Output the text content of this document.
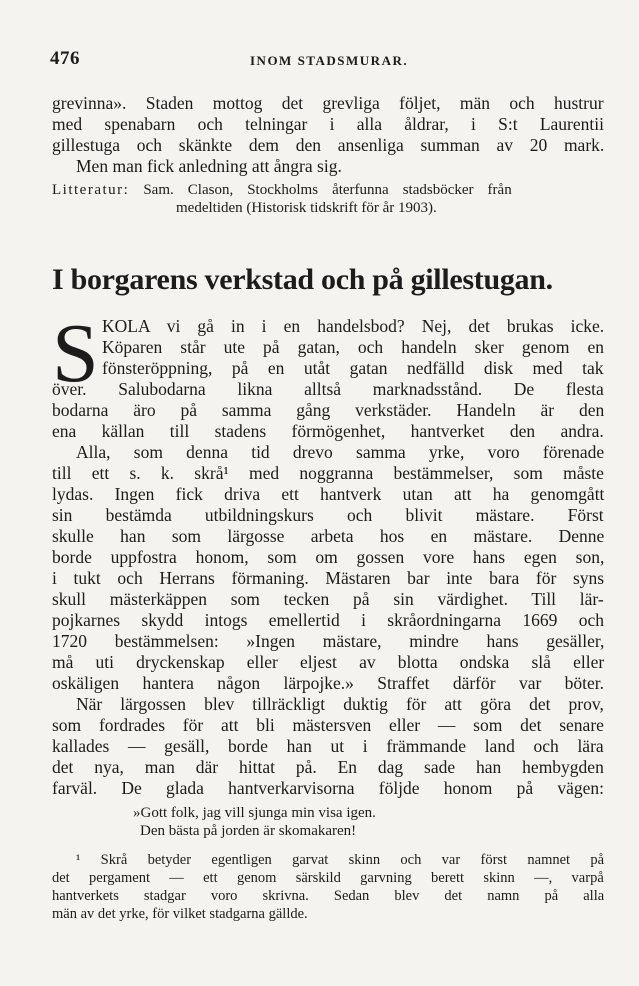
476	INOM STADSMURAR.
grevinna». Staden mottog det grevliga följet, män och hustrur
med spenabarn och telningar i alla åldrar, i S:t Laurentii
gillestuga och skänkte dem den ansenliga summan av 20 mark.
Men man fick anledning att ångra sig.
Litteratur: Sam. Clason, Stockholms återfunna stadsböcker från
medeltiden (Historisk tidskrift för år 1903).
I borgarens verkstad och på gillestugan.
S KOLA vi gå in i en handelsbod? Nej, det brukas icke.
Köparen står ute på gatan, och handeln sker genom en
fönsteröppning, på en utåt gatan nedfälld disk med tak
över. Salubodarna likna alltså marknadsstånd. De flesta
bodarna äro på samma gång verkstäder. Handeln är den
ena källan till stadens förmögenhet, hantverket den andra.
Alla, som denna tid drevo samma yrke, voro förenade
till ett s. k. skrå¹ med noggranna bestämmelser, som måste
lydas. Ingen fick driva ett hantverk utan att ha genomgått
sin bestämda utbildningskurs och blivit mästare. Först
skulle han som lärgosse arbeta hos en mästare. Denne
borde uppfostra honom, som om gossen vore hans egen son,
i tukt och Herrans förmaning. Mästaren bar inte bara för syns
skull mästerkäppen som tecken på sin värdighet. Till lär-
pojkarnes skydd intogs emellertid i skråordningarna 1669 och
1720 bestämmelsen: »Ingen mästare, mindre hans gesäller,
må uti dryckenskap eller eljest av blotta ondska slå eller
oskäligen hantera någon lärpojke.» Straffet därför var böter.
När lärgossen blev tillräckligt duktig för att göra det prov,
som fordrades för att bli mästersven eller — som det senare
kallades — gesäll, borde han ut i främmande land och lära
det nya, man där hittat på. En dag sade han hembygden
farväl. De glada hantverkarvisorna följde honom på vägen:
»Gott folk, jag vill sjunga min visa igen.
Den bästa på jorden är skomakaren!
¹ Skrå betyder egentligen garvat skinn och var först namnet på
det pergament — ett genom särskild garvning berett skinn —, varpå
hantverkets stadgar voro skrivna. Sedan blev det namn på alla
män av det yrke, för vilket stadgarna gällde.
